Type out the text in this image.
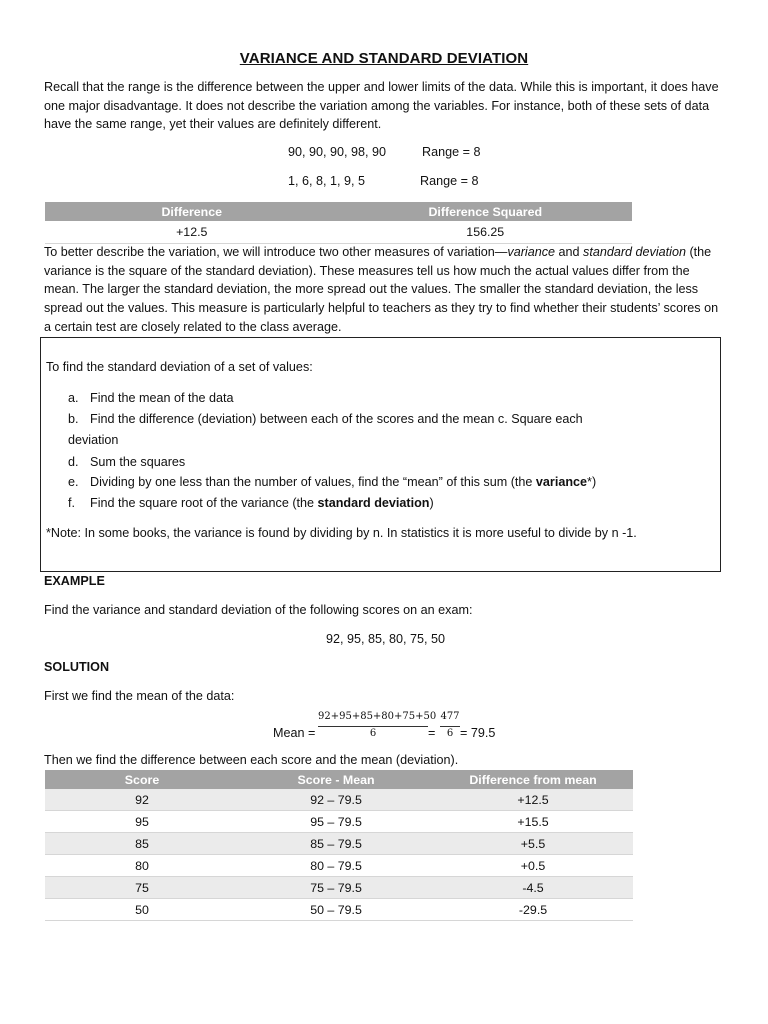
VARIANCE AND STANDARD DEVIATION
Recall that the range is the difference between the upper and lower limits of the data. While this is important, it does have one major disadvantage. It does not describe the variation among the variables. For instance, both of these sets of data have the same range, yet their values are definitely different.
90, 90, 90, 98, 90	Range = 8
1, 6, 8, 1, 9, 5	Range = 8
Difference	Difference Squared
+12.5	156.25
To better describe the variation, we will introduce two other measures of variation—variance and standard deviation (the variance is the square of the standard deviation). These measures tell us how much the actual values differ from the mean. The larger the standard deviation, the more spread out the values. The smaller the standard deviation, the less spread out the values. This measure is particularly helpful to teachers as they try to find whether their students’ scores on a certain test are closely related to the class average.
To find the standard deviation of a set of values:
a. Find the mean of the data
b. Find the difference (deviation) between each of the scores and the mean c. Square each
deviation
d. Sum the squares
e. Dividing by one less than the number of values, find the “mean” of this sum (the variance*)
f. Find the square root of the variance (the standard deviation)
*Note: In some books, the variance is found by dividing by n. In statistics it is more useful to divide by n -1.
EXAMPLE
Find the variance and standard deviation of the following scores on an exam:
92, 95, 85, 80, 75, 50
SOLUTION
First we find the mean of the data:
Mean =
92+95+85+80+75+50
6	=
477
6 = 79.5
Then we find the difference between each score and the mean (deviation).
Score	Score - Mean	Difference from mean
92	92 – 79.5	+12.5
95	95 – 79.5	+15.5
85	85 – 79.5	+5.5
80	80 – 79.5	+0.5
75	75 – 79.5	-4.5
50	50 – 79.5	-29.5
